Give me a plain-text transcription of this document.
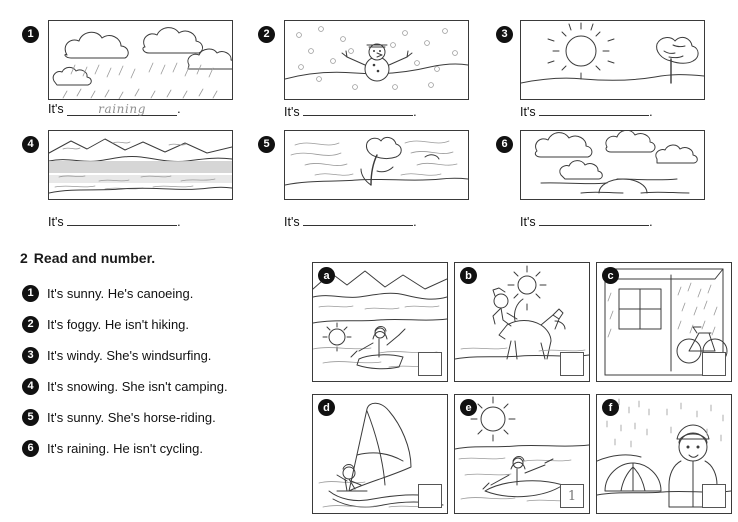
1
It's	raining .
2
It's	.
3
It's	.
4
It's	.
5
It's	.
6
It's	.
2 Read and number.
1	It's sunny. He's canoeing.
2	It's foggy. He isn't hiking.
3	It's windy. She's windsurfing.
4	It's snowing. She isn't camping.
5	It's sunny. She's horse-riding.
6	It's raining. He isn't cycling.
a	b	c
d
1
e	f
